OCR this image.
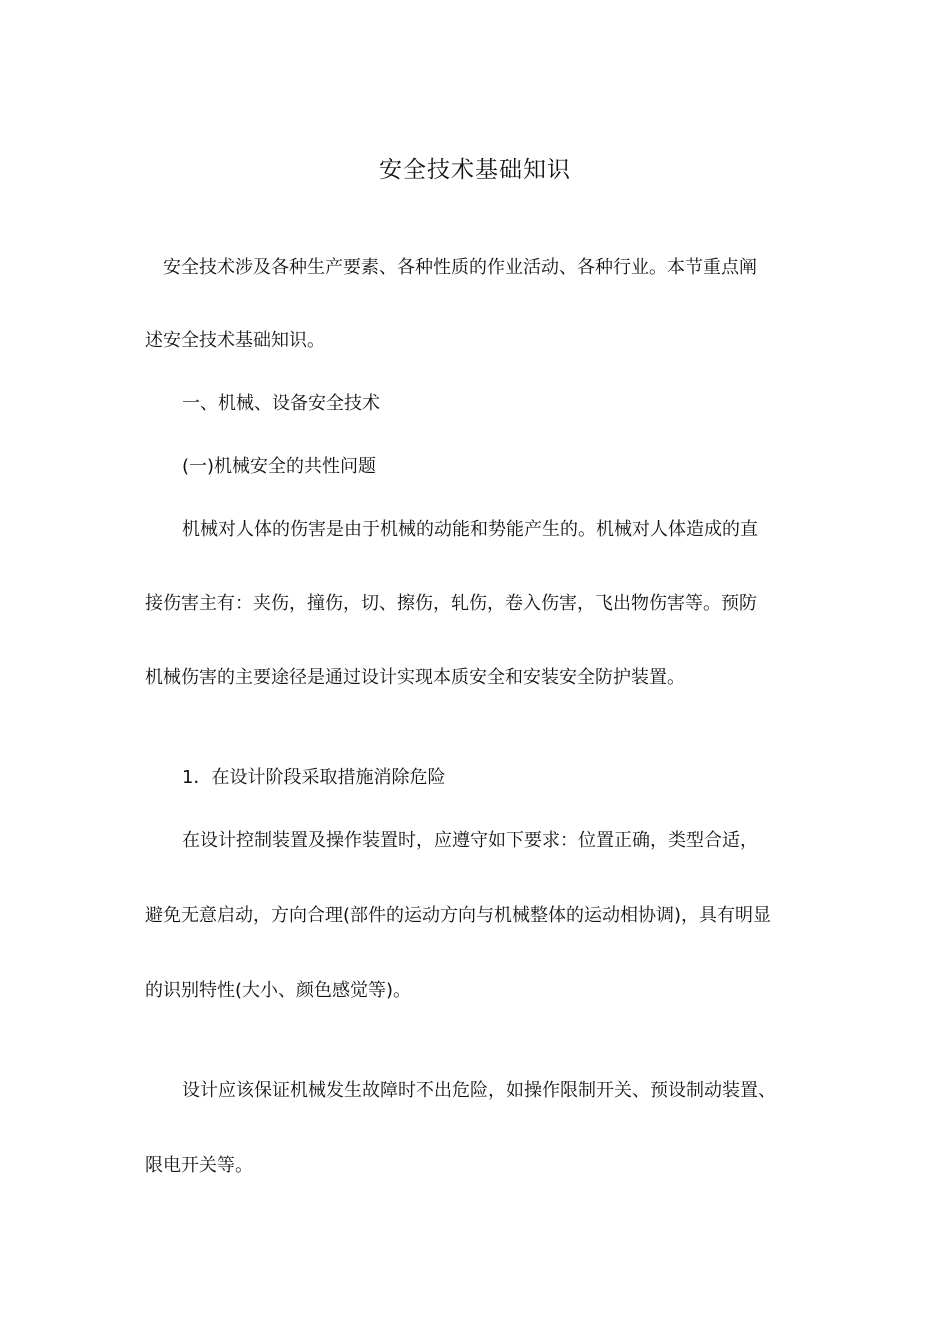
安全技术基础知识
安全技术涉及各种生产要素、各种性质的作业活动、各种行业。本节重点阐
述安全技术基础知识。
一、机械、设备安全技术
(一)机械安全的共性问题
机械对人体的伤害是由于机械的动能和势能产生的。机械对人体造成的直
接伤害主有：夹伤，撞伤，切、擦伤，轧伤，卷入伤害，飞出物伤害等。预防
机械伤害的主要途径是通过设计实现本质安全和安装安全防护装置。
1．在设计阶段采取措施消除危险
在设计控制装置及操作装置时，应遵守如下要求：位置正确，类型合适，
避免无意启动，方向合理(部件的运动方向与机械整体的运动相协调)，具有明显
的识别特性(大小、颜色感觉等)。
设计应该保证机械发生故障时不出危险，如操作限制开关、预设制动装置、
限电开关等。
